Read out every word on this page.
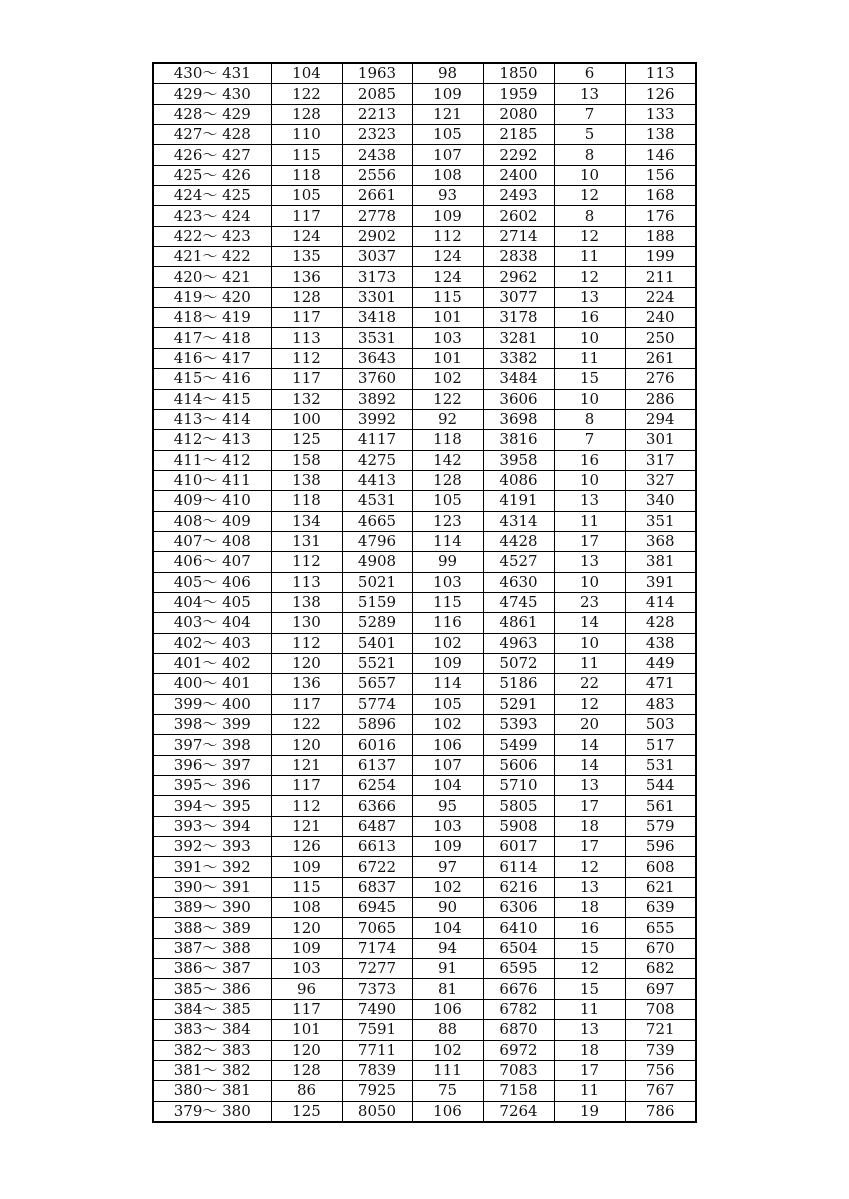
430～ 431	104	1963	98	1850	6	113
429～ 430	122	2085	109	1959	13	126
428～ 429	128	2213	121	2080	7	133
427～ 428	110	2323	105	2185	5	138
426～ 427	115	2438	107	2292	8	146
425～ 426	118	2556	108	2400	10	156
424～ 425	105	2661	93	2493	12	168
423～ 424	117	2778	109	2602	8	176
422～ 423	124	2902	112	2714	12	188
421～ 422	135	3037	124	2838	11	199
420～ 421	136	3173	124	2962	12	211
419～ 420	128	3301	115	3077	13	224
418～ 419	117	3418	101	3178	16	240
417～ 418	113	3531	103	3281	10	250
416～ 417	112	3643	101	3382	11	261
415～ 416	117	3760	102	3484	15	276
414～ 415	132	3892	122	3606	10	286
413～ 414	100	3992	92	3698	8	294
412～ 413	125	4117	118	3816	7	301
411～ 412	158	4275	142	3958	16	317
410～ 411	138	4413	128	4086	10	327
409～ 410	118	4531	105	4191	13	340
408～ 409	134	4665	123	4314	11	351
407～ 408	131	4796	114	4428	17	368
406～ 407	112	4908	99	4527	13	381
405～ 406	113	5021	103	4630	10	391
404～ 405	138	5159	115	4745	23	414
403～ 404	130	5289	116	4861	14	428
402～ 403	112	5401	102	4963	10	438
401～ 402	120	5521	109	5072	11	449
400～ 401	136	5657	114	5186	22	471
399～ 400	117	5774	105	5291	12	483
398～ 399	122	5896	102	5393	20	503
397～ 398	120	6016	106	5499	14	517
396～ 397	121	6137	107	5606	14	531
395～ 396	117	6254	104	5710	13	544
394～ 395	112	6366	95	5805	17	561
393～ 394	121	6487	103	5908	18	579
392～ 393	126	6613	109	6017	17	596
391～ 392	109	6722	97	6114	12	608
390～ 391	115	6837	102	6216	13	621
389～ 390	108	6945	90	6306	18	639
388～ 389	120	7065	104	6410	16	655
387～ 388	109	7174	94	6504	15	670
386～ 387	103	7277	91	6595	12	682
385～ 386	96	7373	81	6676	15	697
384～ 385	117	7490	106	6782	11	708
383～ 384	101	7591	88	6870	13	721
382～ 383	120	7711	102	6972	18	739
381～ 382	128	7839	111	7083	17	756
380～ 381	86	7925	75	7158	11	767
379～ 380	125	8050	106	7264	19	786
